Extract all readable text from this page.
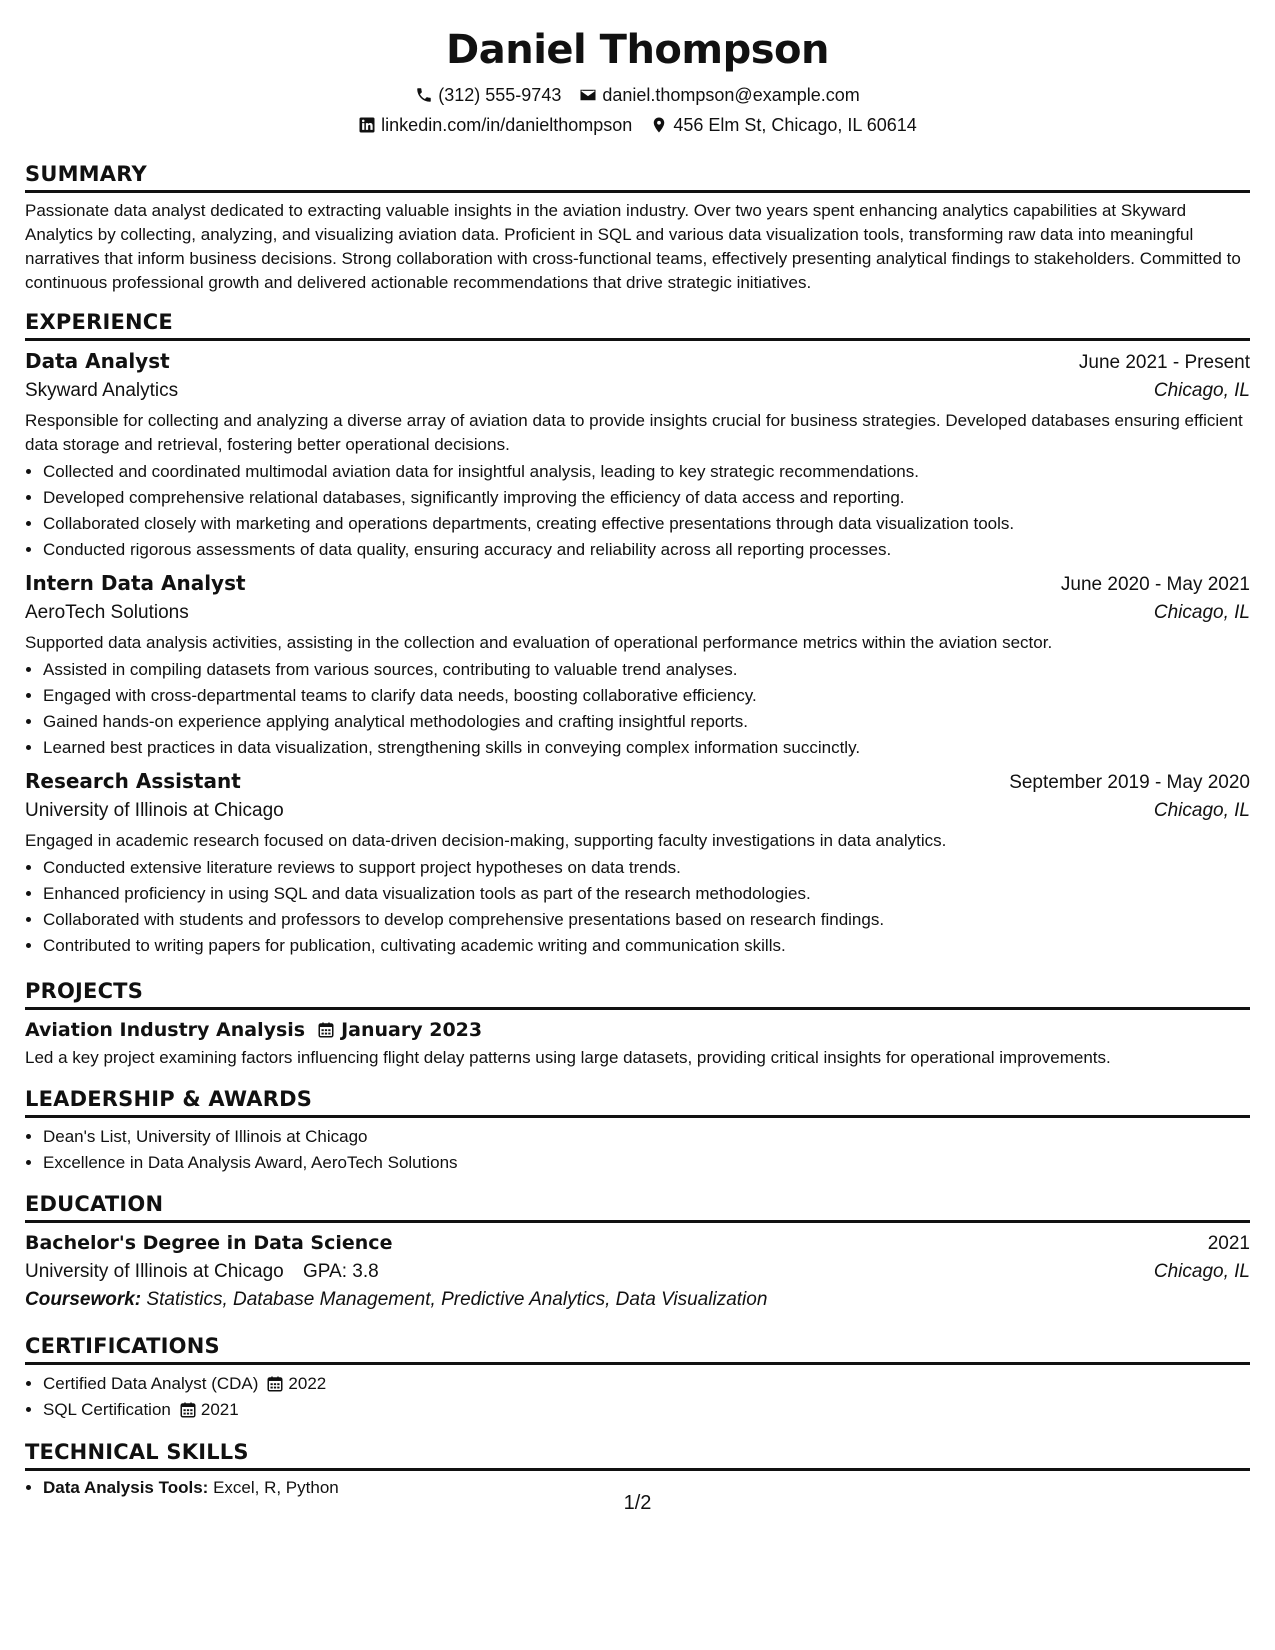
Daniel Thompson
(312) 555-9743 daniel.thompson@example.com
linkedin.com/in/danielthompson 456 Elm St, Chicago, IL 60614
SUMMARY
Passionate data analyst dedicated to extracting valuable insights in the aviation industry. Over two years spent enhancing analytics capabilities at Skyward Analytics by collecting, analyzing, and visualizing aviation data. Proficient in SQL and various data visualization tools, transforming raw data into meaningful narratives that inform business decisions. Strong collaboration with cross-functional teams, effectively presenting analytical findings to stakeholders. Committed to continuous professional growth and delivered actionable recommendations that drive strategic initiatives.
EXPERIENCE
Data Analyst	June 2021 - Present
Skyward Analytics	Chicago, IL
Responsible for collecting and analyzing a diverse array of aviation data to provide insights crucial for business strategies. Developed databases ensuring efficient data storage and retrieval, fostering better operational decisions.
• Collected and coordinated multimodal aviation data for insightful analysis, leading to key strategic recommendations.
• Developed comprehensive relational databases, significantly improving the efficiency of data access and reporting.
• Collaborated closely with marketing and operations departments, creating effective presentations through data visualization tools.
• Conducted rigorous assessments of data quality, ensuring accuracy and reliability across all reporting processes.
Intern Data Analyst	June 2020 - May 2021
AeroTech Solutions	Chicago, IL
Supported data analysis activities, assisting in the collection and evaluation of operational performance metrics within the aviation sector.
• Assisted in compiling datasets from various sources, contributing to valuable trend analyses.
• Engaged with cross-departmental teams to clarify data needs, boosting collaborative efficiency.
• Gained hands-on experience applying analytical methodologies and crafting insightful reports.
• Learned best practices in data visualization, strengthening skills in conveying complex information succinctly.
Research Assistant	September 2019 - May 2020
University of Illinois at Chicago	Chicago, IL
Engaged in academic research focused on data-driven decision-making, supporting faculty investigations in data analytics.
• Conducted extensive literature reviews to support project hypotheses on data trends.
• Enhanced proficiency in using SQL and data visualization tools as part of the research methodologies.
• Collaborated with students and professors to develop comprehensive presentations based on research findings.
• Contributed to writing papers for publication, cultivating academic writing and communication skills.
PROJECTS
Aviation Industry Analysis January 2023
Led a key project examining factors influencing flight delay patterns using large datasets, providing critical insights for operational improvements.
LEADERSHIP & AWARDS
• Dean's List, University of Illinois at Chicago
• Excellence in Data Analysis Award, AeroTech Solutions
EDUCATION
Bachelor's Degree in Data Science	2021
University of Illinois at Chicago GPA: 3.8	Chicago, IL
Coursework: Statistics, Database Management, Predictive Analytics, Data Visualization
CERTIFICATIONS
• Certified Data Analyst (CDA) 2022
• SQL Certification 2021
TECHNICAL SKILLS
• Data Analysis Tools: Excel, R, Python
1/2
